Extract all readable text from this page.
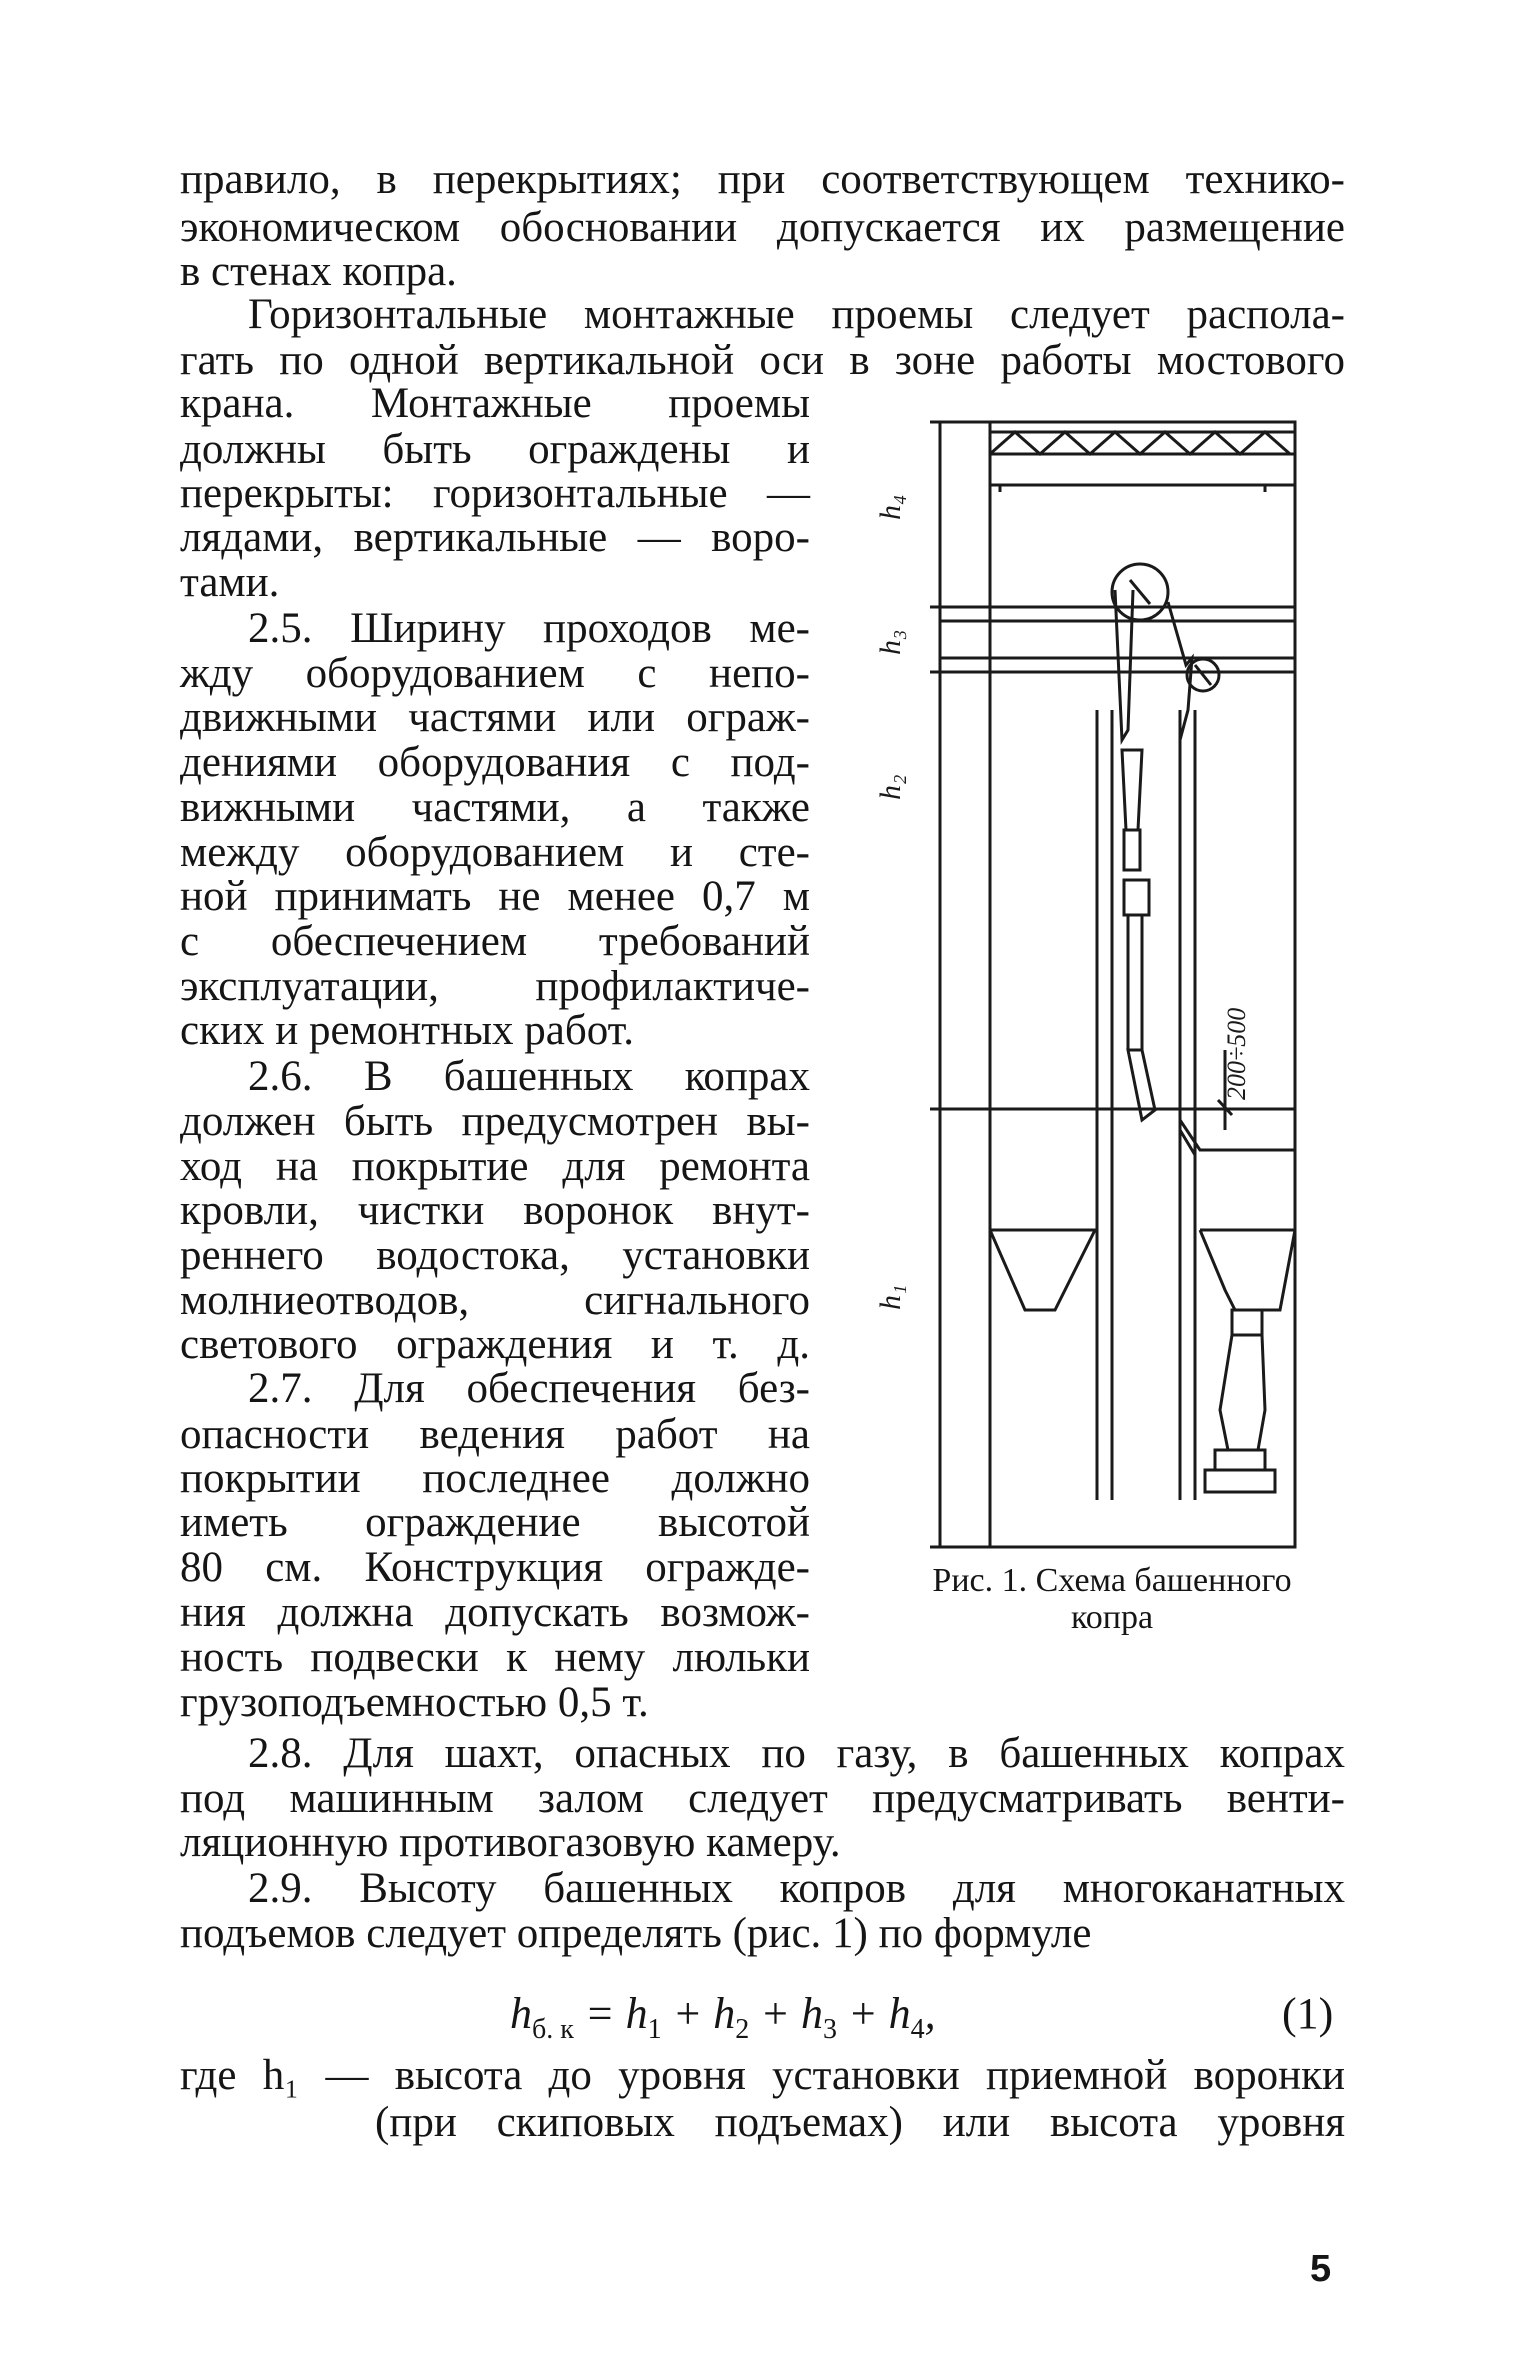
правило, в перекрытиях; при соответствующем технико-
экономическом обосновании допускается их размещение
в стенах копра.
Горизонтальные монтажные проемы следует распола-
гать по одной вертикальной оси в зоне работы мостового
крана. Монтажные проемы
должны быть ограждены и
перекрыты: горизонтальные —
лядами, вертикальные — воро-
тами.
2.5. Ширину проходов ме-
жду оборудованием с непо-
движными частями или ограж-
дениями оборудования с под-
вижными частями, а также
между оборудованием и сте-
ной принимать не менее 0,7 м
с обеспечением требований
эксплуатации, профилактиче-
ских и ремонтных работ.
2.6. В башенных копрах
должен быть предусмотрен вы-
ход на покрытие для ремонта
кровли, чистки воронок внут-
реннего водостока, установки
молниеотводов, сигнального
светового ограждения и т. д.
2.7. Для обеспечения без-
опасности ведения работ на
покрытии последнее должно
иметь ограждение высотой
80 см. Конструкция огражде-
ния должна допускать возмож-
ность подвески к нему люльки
грузоподъемностью 0,5 т.
2.8. Для шахт, опасных по газу, в башенных копрах
под машинным залом следует предусматривать венти-
ляционную противогазовую камеру.
2.9. Высоту башенных копров для многоканатных
подъемов следует определять (рис. 1) по формуле
$h_{б. к} = h_1 + h_2 + h_3 + h_4$,	(1)
где h₁ — высота до уровня установки приемной воронки
(при скиповых подъемах) или высота уровня
h₄
h₃
h₂
h₁
200÷500
Рис. 1. Схема башенного
копра
5
